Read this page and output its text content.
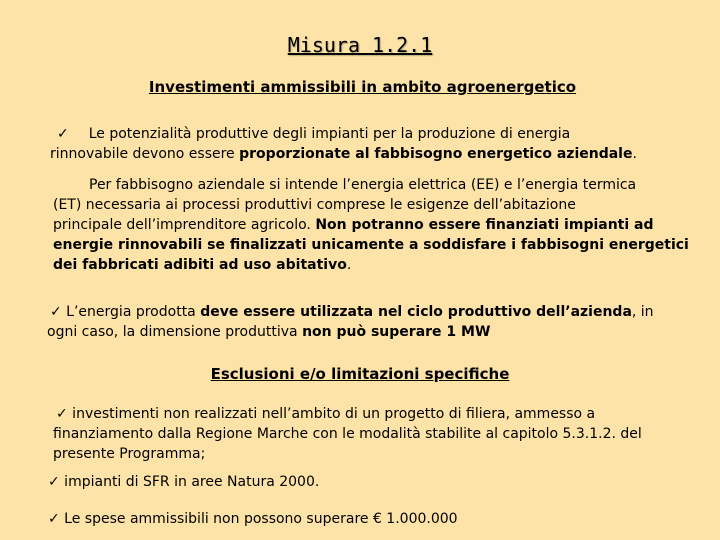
Misura 1.2.1
Investimenti ammissibili in ambito agroenergetico
✓ Le potenzialità produttive degli impianti per la produzione di energia
rinnovabile devono essere proporzionate al fabbisogno energetico aziendale.
Per fabbisogno aziendale si intende l’energia elettrica (EE) e l’energia termica
(ET) necessaria ai processi produttivi comprese le esigenze dell’abitazione
principale dell’imprenditore agricolo. Non potranno essere finanziati impianti ad
energie rinnovabili se finalizzati unicamente a soddisfare i fabbisogni energetici
dei fabbricati adibiti ad uso abitativo.
✓ L’energia prodotta deve essere utilizzata nel ciclo produttivo dell’azienda, in
ogni caso, la dimensione produttiva non può superare 1 MW
Esclusioni e/o limitazioni specifiche
✓ investimenti non realizzati nell’ambito di un progetto di filiera, ammesso a
finanziamento dalla Regione Marche con le modalità stabilite al capitolo 5.3.1.2. del
presente Programma;
✓ impianti di SFR in aree Natura 2000.
✓ Le spese ammissibili non possono superare € 1.000.000
